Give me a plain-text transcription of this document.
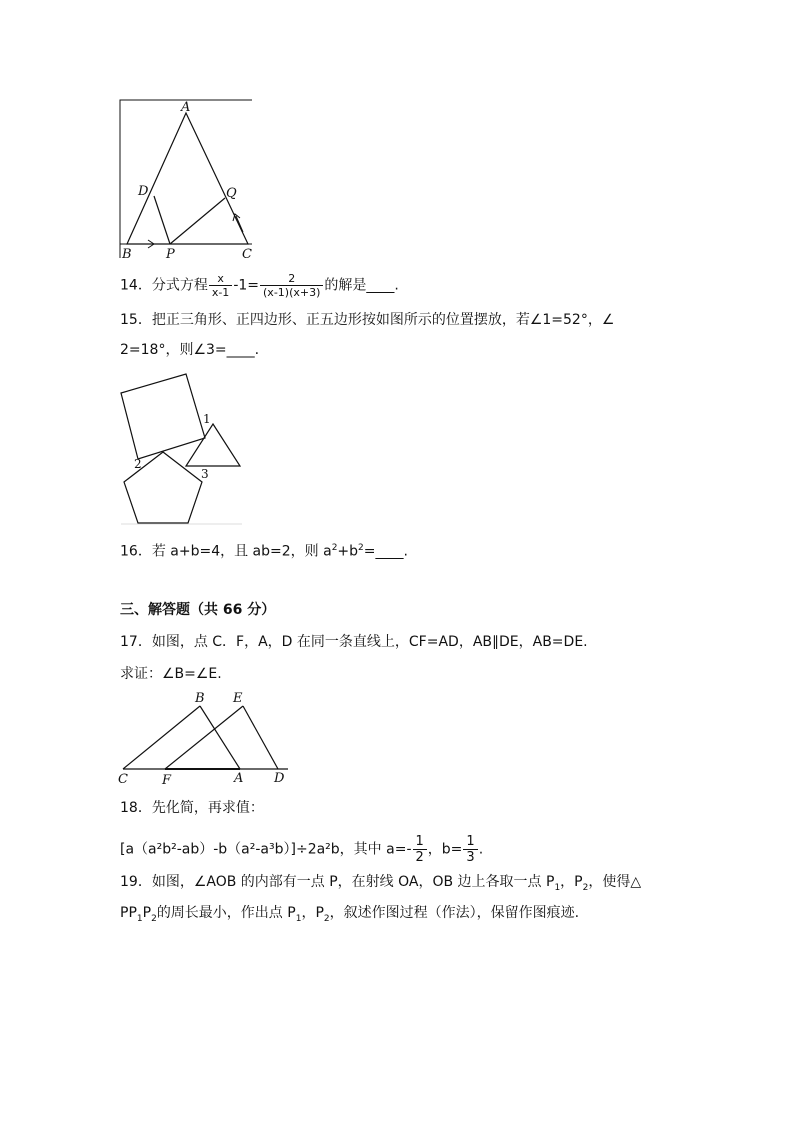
A
D	Q
B	P	C
14．分式方程 $\frac{x}{x-1} -1= \frac{2}{(x-1)(x+3)}$ 的解是____.
15．把正三角形、正四边形、正五边形按如图所示的位置摆放，若∠1=52°，∠
2=18°，则∠3=____.
1
2
3
16．若 a+b=4，且 ab=2，则 $a^2+b^2=\_\_\_\_$.
三、解答题（共 66 分）
17．如图，点 C．F，A，D 在同一条直线上，CF=AD，AB∥DE，AB=DE.
求证：∠B=∠E.
B E
C	F	A D
18．先化简，再求值：
[a（a²b²-ab）-b（a²-a³b）]÷2a²b，其中 $a=- \frac{1}{2}$ ，$b= \frac{1}{3}$ .
19．如图，∠AOB 的内部有一点 P，在射线 OA，OB 边上各取一点 $P_1$，$P_2$，使得△
$PP_1P_2$的周长最小，作出点 $P_1$，$P_2$，叙述作图过程（作法），保留作图痕迹.
